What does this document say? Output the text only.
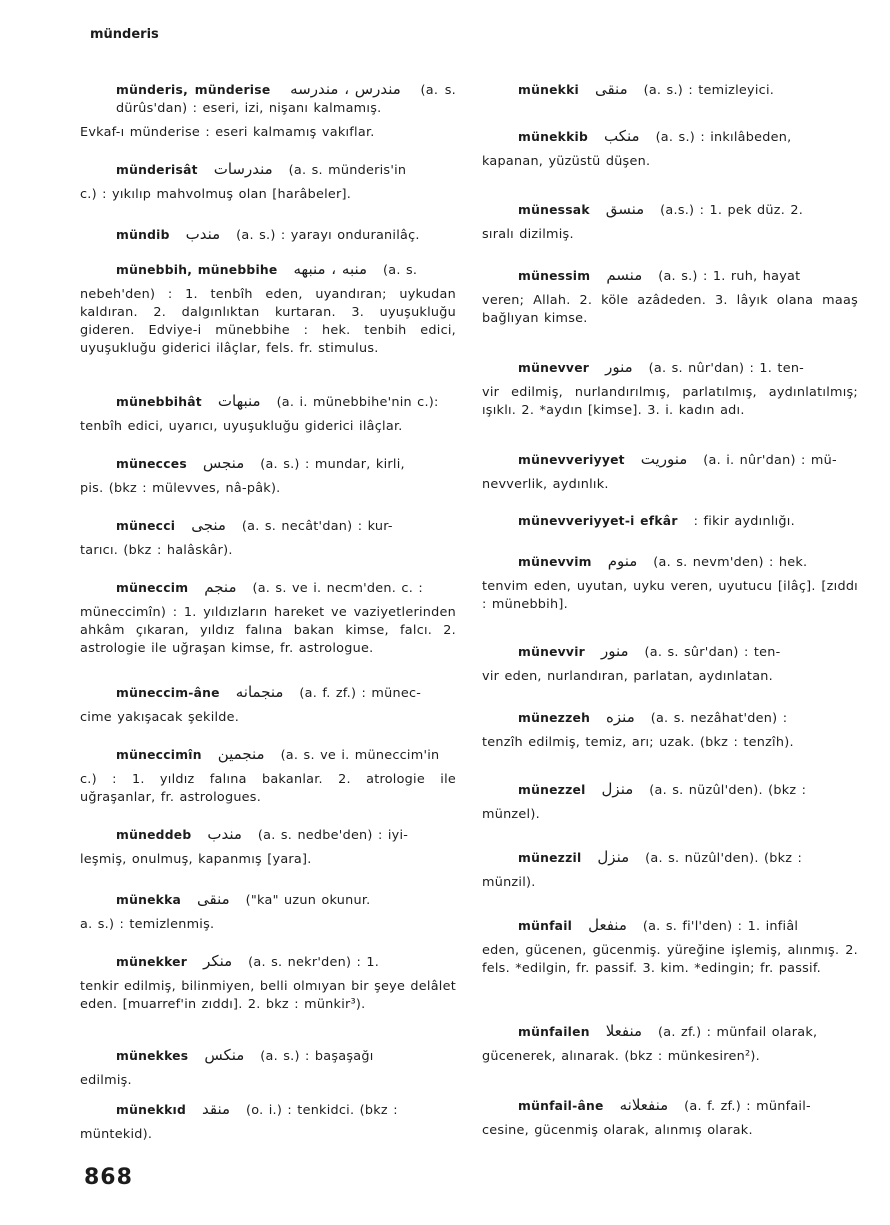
münderis
münderis, münderise مندرس ، مندرسه (a. s. dürûs'dan) : eseri, izi, nişanı kalmamış.
Evkaf-ı münderise : eseri kalmamış vakıflar.
münderisât مندرسات (a. s. münderis'in
c.) : yıkılıp mahvolmuş olan [harâbeler].
mündib مندب (a. s.) : yarayı onduranilâç.
münebbih, münebbihe منبه ، منبهه (a. s.
nebeh'den) : 1. tenbîh eden, uyandıran; uykudan kaldıran. 2. dalgınlıktan kurtaran. 3. uyuşukluğu gideren. Edviye-i münebbihe : hek. tenbih edici, uyuşukluğu giderici ilâçlar, fels. fr. stimulus.
münebbihât منبهات (a. i. münebbihe'nin c.):
tenbîh edici, uyarıcı, uyuşukluğu giderici ilâçlar.
münecces منجس (a. s.) : mundar, kirli,
pis. (bkz : mülevves, nâ-pâk).
münecci منجى (a. s. necât'dan) : kur-
tarıcı. (bkz : halâskâr).
müneccim منجم (a. s. ve i. necm'den. c. :
müneccimîn) : 1. yıldızların hareket ve vaziyetlerinden ahkâm çıkaran, yıldız falına bakan kimse, falcı. 2. astrologie ile uğraşan kimse, fr. astrologue.
müneccim-âne منجمانه (a. f. zf.) : münec-
cime yakışacak şekilde.
müneccimîn منجمين (a. s. ve i. müneccim'in
c.) : 1. yıldız falına bakanlar. 2. atrologie ile uğraşanlar, fr. astrologues.
müneddeb مندب (a. s. nedbe'den) : iyi-
leşmiş, onulmuş, kapanmış [yara].
münekka منقى ("ka" uzun okunur.
a. s.) : temizlenmiş.
münekker منكر (a. s. nekr'den) : 1.
tenkir edilmiş, bilinmiyen, belli olmıyan bir şeye delâlet eden. [muarref'in zıddı]. 2. bkz : münkir³).
münekkes منكس (a. s.) : başaşağı
edilmiş.
münekkıd منقد (o. i.) : tenkidci. (bkz :
müntekid).
münekki منقى (a. s.) : temizleyici.
münekkib منكب (a. s.) : inkılâbeden,
kapanan, yüzüstü düşen.
münessak منسق (a.s.) : 1. pek düz. 2.
sıralı dizilmiş.
münessim منسم (a. s.) : 1. ruh, hayat
veren; Allah. 2. köle azâdeden. 3. lâyık olana maaş bağlıyan kimse.
münevver منور (a. s. nûr'dan) : 1. ten-
vir edilmiş, nurlandırılmış, parlatılmış, aydınlatılmış; ışıklı. 2. *aydın [kimse]. 3. i. kadın adı.
münevveriyyet منوريت (a. i. nûr'dan) : mü-
nevverlik, aydınlık.
münevveriyyet-i efkâr : fikir aydınlığı.
münevvim منوم (a. s. nevm'den) : hek.
tenvim eden, uyutan, uyku veren, uyutucu [ilâç]. [zıddı : münebbih].
münevvir منور (a. s. sûr'dan) : ten-
vir eden, nurlandıran, parlatan, aydınlatan.
münezzeh منزه (a. s. nezâhat'den) :
tenzîh edilmiş, temiz, arı; uzak. (bkz : tenzîh).
münezzel منزل (a. s. nüzûl'den). (bkz :
münzel).
münezzil منزل (a. s. nüzûl'den). (bkz :
münzil).
münfail منفعل (a. s. fi'l'den) : 1. infiâl
eden, gücenen, gücenmiş. yüreğine işlemiş, alınmış. 2. fels. *edilgin, fr. passif. 3. kim. *edingin; fr. passif.
münfailen منفعلا (a. zf.) : münfail olarak,
gücenerek, alınarak. (bkz : münkesiren²).
münfail-âne منفعلانه (a. f. zf.) : münfail-
cesine, gücenmiş olarak, alınmış olarak.
868
